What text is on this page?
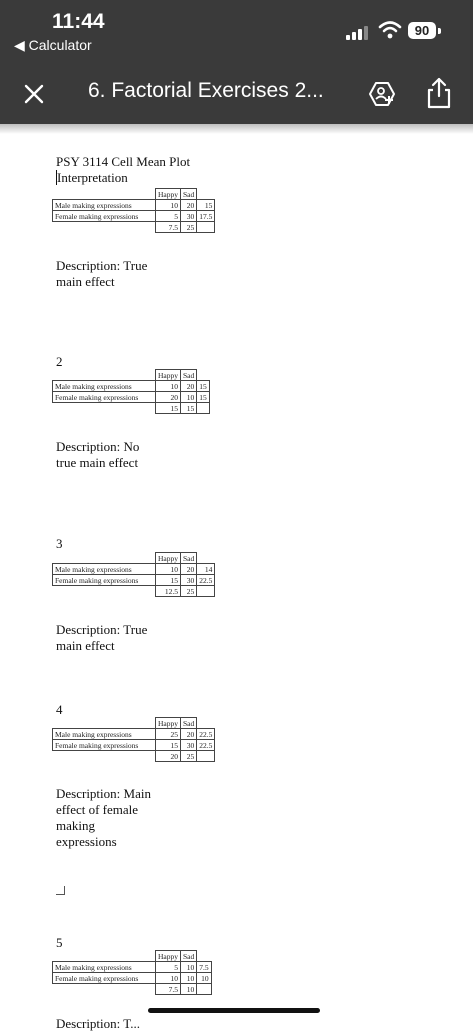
11:44
◀ Calculator
90
6. Factorial Exercises 2...
PSY 3114 Cell Mean Plot
Interpretation
	Happy	Sad	
Male making expressions	10	20	15
Female making expressions	5	30	17.5
	7.5	25	
Description: True
main effect
2
	Happy	Sad	
Male making expressions	10	20	15
Female making expressions	20	10	15
	15	15	
Description: No
true main effect
3
	Happy	Sad	
Male making expressions	10	20	14
Female making expressions	15	30	22.5
	12.5	25	
Description: True
main effect
4
	Happy	Sad	
Male making expressions	25	20	22.5
Female making expressions	15	30	22.5
	20	25	
Description: Main
effect of female
making
expressions
5
	Happy	Sad	
Male making expressions	5	10	7.5
Female making expressions	10	10	10
	7.5	10	
Description: T...
